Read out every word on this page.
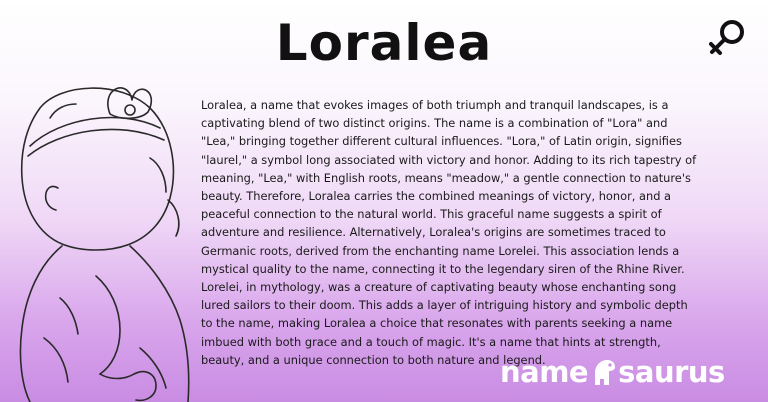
Loralea

Loralea, a name that evokes images of both triumph and tranquil landscapes, is a captivating blend of two distinct origins. The name is a combination of "Lora" and "Lea," bringing together different cultural influences. "Lora," of Latin origin, signifies "laurel," a symbol long associated with victory and honor. Adding to its rich tapestry of meaning, "Lea," with English roots, means "meadow," a gentle connection to nature's beauty. Therefore, Loralea carries the combined meanings of victory, honor, and a peaceful connection to the natural world. This graceful name suggests a spirit of adventure and resilience. Alternatively, Loralea's origins are sometimes traced to Germanic roots, derived from the enchanting name Lorelei. This association lends a mystical quality to the name, connecting it to the legendary siren of the Rhine River. Lorelei, in mythology, was a creature of captivating beauty whose enchanting song lured sailors to their doom. This adds a layer of intriguing history and symbolic depth to the name, making Loralea a choice that resonates with parents seeking a name imbued with both grace and a touch of magic. It's a name that hints at strength, beauty, and a unique connection to both nature and legend.

name saurus
